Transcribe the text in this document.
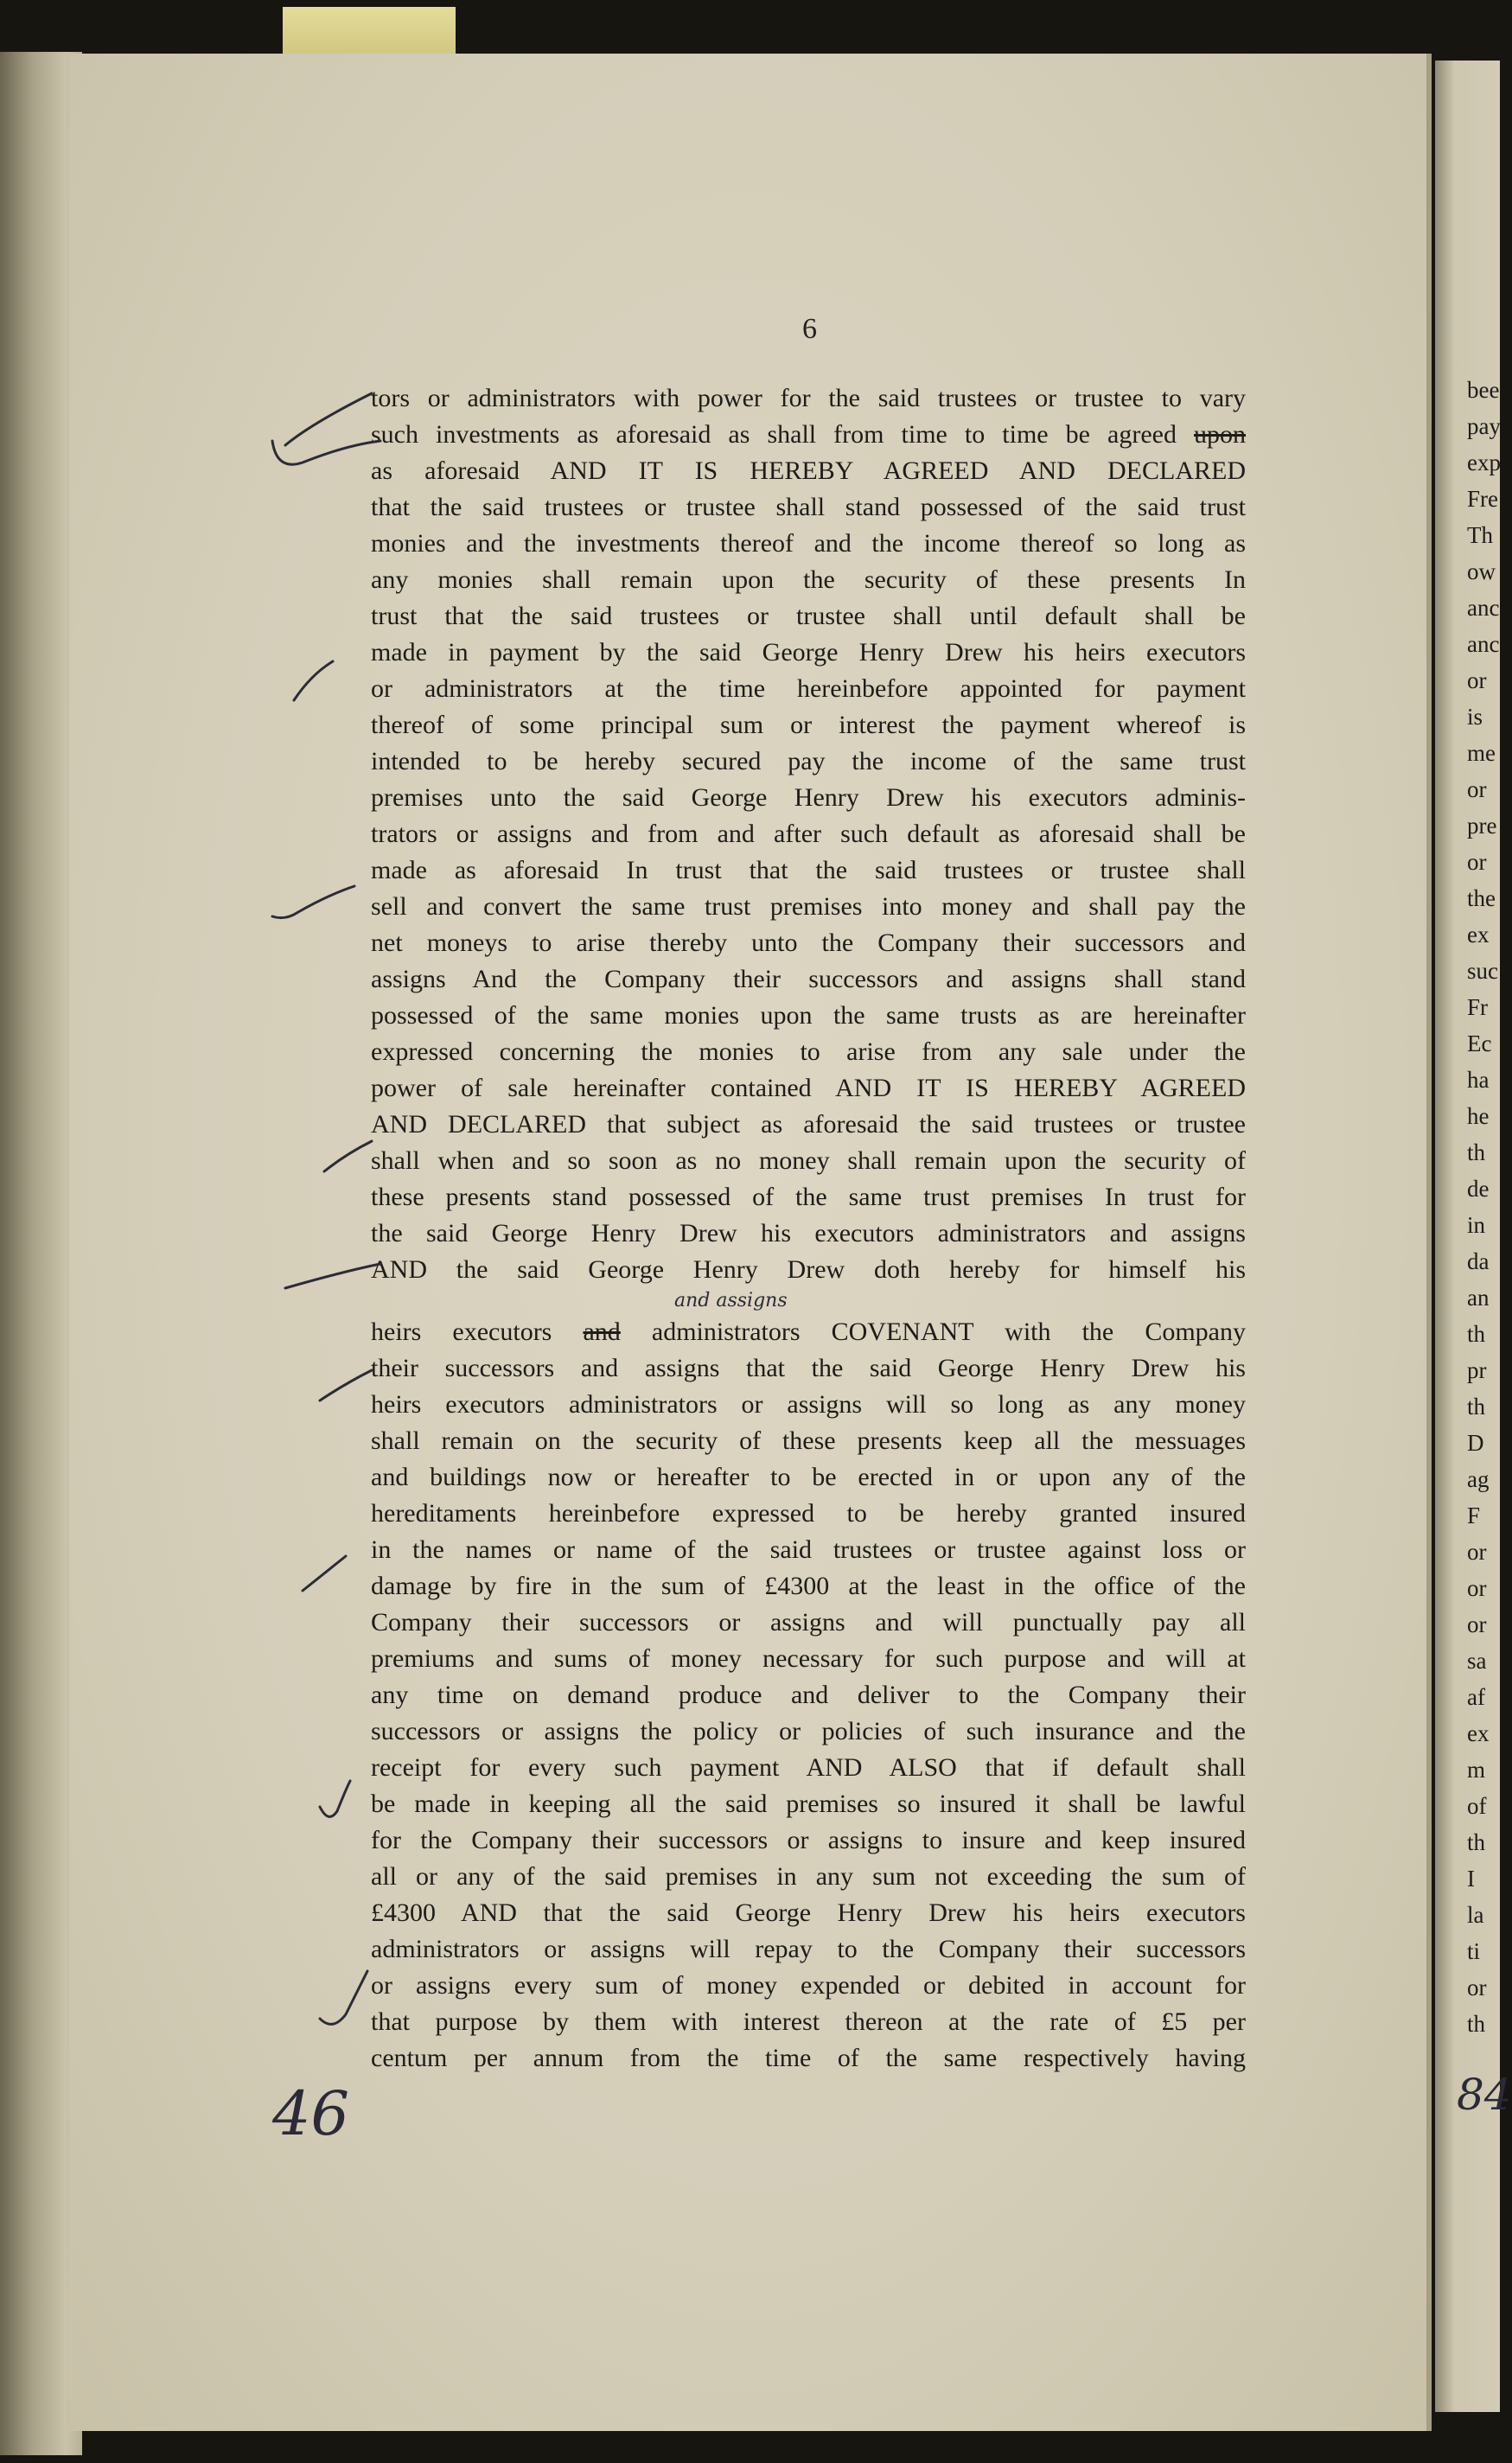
6
tors or administrators with power for the said trustees or trustee to vary
such investments as aforesaid as shall from time to time be agreed upon
as aforesaid AND IT IS HEREBY AGREED AND DECLARED
that the said trustees or trustee shall stand possessed of the said trust
monies and the investments thereof and the income thereof so long as
any monies shall remain upon the security of these presents In
trust that the said trustees or trustee shall until default shall be
made in payment by the said George Henry Drew his heirs executors
or administrators at the time hereinbefore appointed for payment
thereof of some principal sum or interest the payment whereof is
intended to be hereby secured pay the income of the same trust
premises unto the said George Henry Drew his executors adminis-
trators or assigns and from and after such default as aforesaid shall be
made as aforesaid In trust that the said trustees or trustee shall
sell and convert the same trust premises into money and shall pay the
net moneys to arise thereby unto the Company their successors and
assigns And the Company their successors and assigns shall stand
possessed of the same monies upon the same trusts as are hereinafter
expressed concerning the monies to arise from any sale under the
power of sale hereinafter contained AND IT IS HEREBY AGREED
AND DECLARED that subject as aforesaid the said trustees or trustee
shall when and so soon as no money shall remain upon the security of
these presents stand possessed of the same trust premises In trust for
the said George Henry Drew his executors administrators and assigns
AND the said George Henry Drew doth hereby for himself his
heirs executors and administrators COVENANT with the Company
their successors and assigns that the said George Henry Drew his
heirs executors administrators or assigns will so long as any money
shall remain on the security of these presents keep all the messuages
and buildings now or hereafter to be erected in or upon any of the
hereditaments hereinbefore expressed to be hereby granted insured
in the names or name of the said trustees or trustee against loss or
damage by fire in the sum of £4300 at the least in the office of the
Company their successors or assigns and will punctually pay all
premiums and sums of money necessary for such purpose and will at
any time on demand produce and deliver to the Company their
successors or assigns the policy or policies of such insurance and the
receipt for every such payment AND ALSO that if default shall
be made in keeping all the said premises so insured it shall be lawful
for the Company their successors or assigns to insure and keep insured
all or any of the said premises in any sum not exceeding the sum of
£4300 AND that the said George Henry Drew his heirs executors
administrators or assigns will repay to the Company their successors
or assigns every sum of money expended or debited in account for
that purpose by them with interest thereon at the rate of £5 per
centum per annum from the time of the same respectively having
bee
pay
exp
Fre
Th
ow
anc
anc
or
is
me
or
pre
or
the
ex
suc
Fr
Ec
ha
he
th
de
in
da
an
th
pr
th
D
ag
F
or
or
or
sa
af
ex
m
of
th
I
la
ti
or
th
and assigns
46	84
